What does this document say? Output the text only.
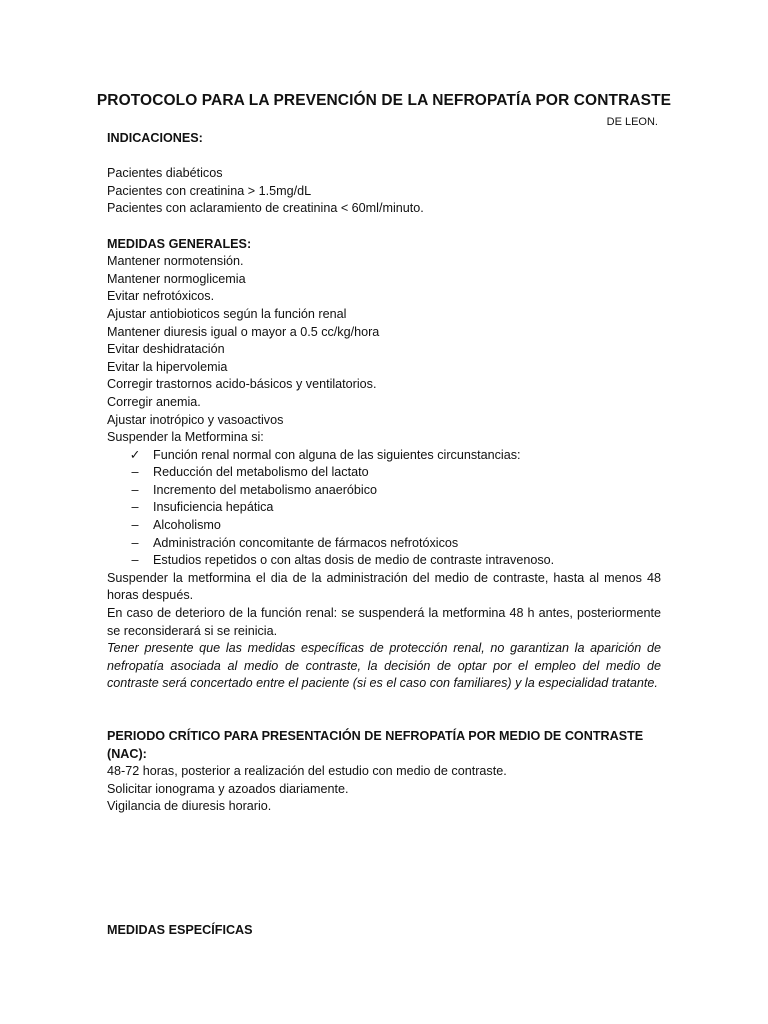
PROTOCOLO PARA LA PREVENCIÓN DE LA NEFROPATÍA POR CONTRASTE
DE LEON.

INDICACIONES:

Pacientes diabéticos

Pacientes con creatinina > 1.5mg/dL

Pacientes con aclaramiento de creatinina < 60ml/minuto.

MEDIDAS GENERALES:

Mantener normotensión.

Mantener normoglicemia

Evitar nefrotóxicos.

Ajustar antiobioticos según la función renal

Mantener diuresis igual o mayor a 0.5 cc/kg/hora

Evitar deshidratación

Evitar la hipervolemia

Corregir trastornos acido-básicos y ventilatorios.

Corregir anemia.

Ajustar inotrópico y vasoactivos

Suspender la Metformina si:

✓ Función renal normal con alguna de las siguientes circunstancias:
– Reducción del metabolismo del lactato
– Incremento del metabolismo anaeróbico
– Insuficiencia hepática
– Alcoholismo
– Administración concomitante de fármacos nefrotóxicos
– Estudios repetidos o con altas dosis de medio de contraste intravenoso.

Suspender la metformina el dia de la administración del medio de contraste, hasta al menos 48 horas después.

En caso de deterioro de la función renal: se suspenderá la metformina 48 h antes, posteriormente se reconsiderará si se reinicia.

Tener presente que las medidas específicas de protección renal, no garantizan la aparición de nefropatía asociada al medio de contraste, la decisión de optar por el empleo del medio de contraste será concertado entre el paciente (si es el caso con familiares) y la especialidad tratante.

PERIODO CRÍTICO PARA PRESENTACIÓN DE NEFROPATÍA POR MEDIO DE CONTRASTE (NAC):

48-72 horas, posterior a realización del estudio con medio de contraste.

Solicitar ionograma y azoados diariamente.

Vigilancia de diuresis horario.

MEDIDAS ESPECÍFICAS
